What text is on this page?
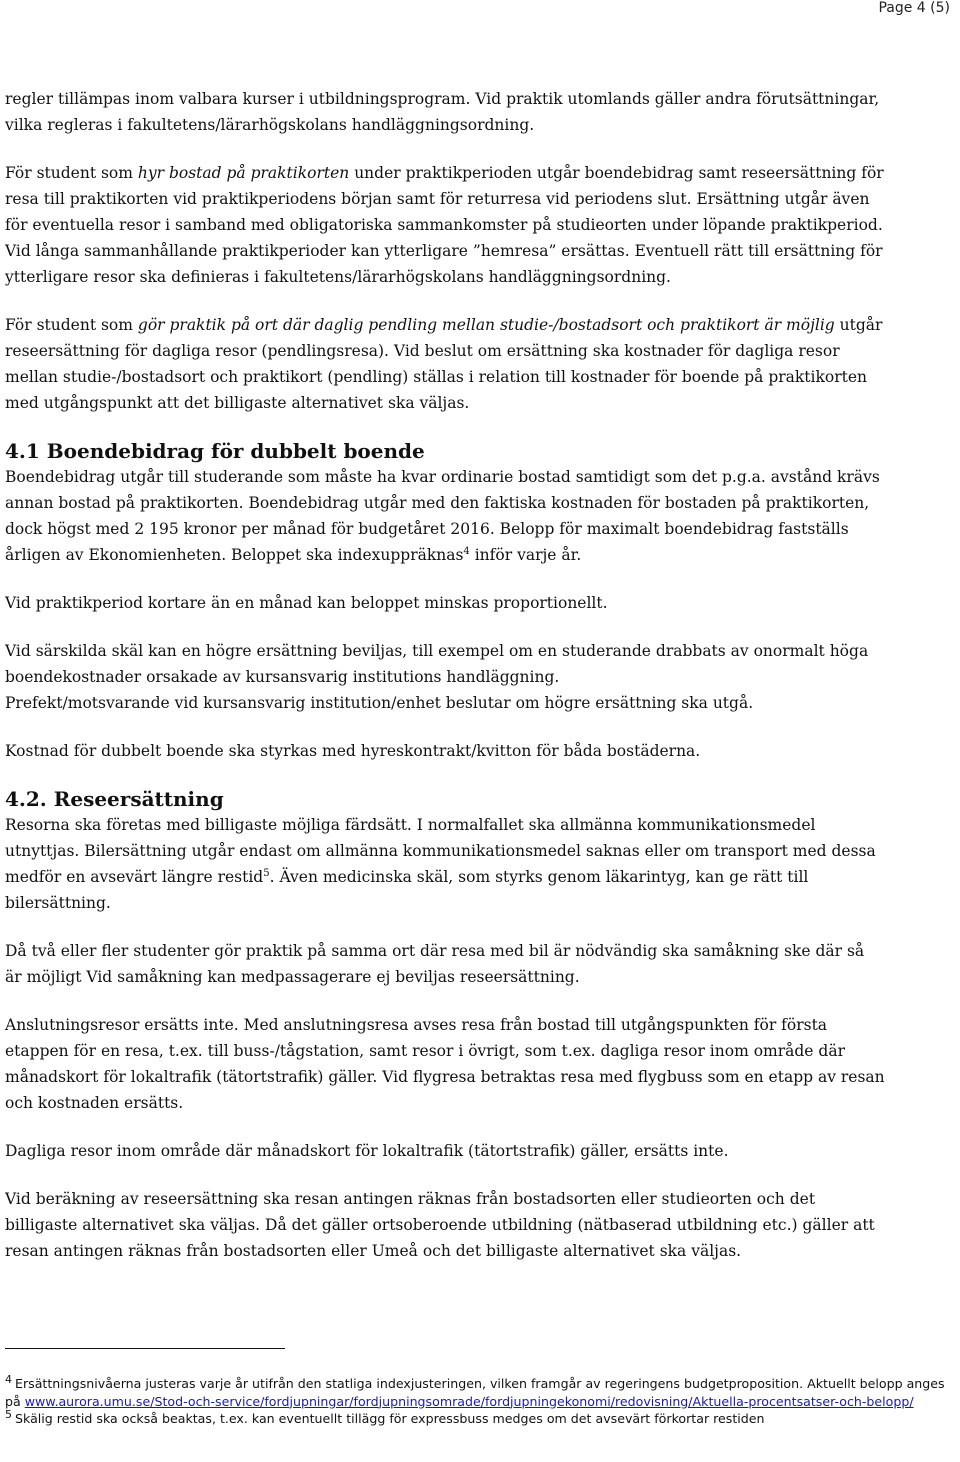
Page 4 (5)

regler tillämpas inom valbara kurser i utbildningsprogram. Vid praktik utomlands gäller andra förutsättningar, vilka regleras i fakultetens/lärarhögskolans handläggningsordning.

För student som hyr bostad på praktikorten under praktikperioden utgår boendebidrag samt reseersättning för resa till praktikorten vid praktikperiodens början samt för returresa vid periodens slut. Ersättning utgår även för eventuella resor i samband med obligatoriska sammankomster på studieorten under löpande praktikperiod. Vid långa sammanhållande praktikperioder kan ytterligare ”hemresa” ersättas. Eventuell rätt till ersättning för ytterligare resor ska definieras i fakultetens/lärarhögskolans handläggningsordning.

För student som gör praktik på ort där daglig pendling mellan studie-/bostadsort och praktikort är möjlig utgår reseersättning för dagliga resor (pendlingsresa). Vid beslut om ersättning ska kostnader för dagliga resor mellan studie-/bostadsort och praktikort (pendling) ställas i relation till kostnader för boende på praktikorten med utgångspunkt att det billigaste alternativet ska väljas.

4.1 Boendebidrag för dubbelt boende

Boendebidrag utgår till studerande som måste ha kvar ordinarie bostad samtidigt som det p.g.a. avstånd krävs annan bostad på praktikorten. Boendebidrag utgår med den faktiska kostnaden för bostaden på praktikorten, dock högst med 2 195 kronor per månad för budgetåret 2016. Belopp för maximalt boendebidrag fastställs årligen av Ekonomienheten. Beloppet ska indexuppräknas$^4$ inför varje år.

Vid praktikperiod kortare än en månad kan beloppet minskas proportionellt.

Vid särskilda skäl kan en högre ersättning beviljas, till exempel om en studerande drabbats av onormalt höga boendekostnader orsakade av kursansvarig institutions handläggning.

Prefekt/motsvarande vid kursansvarig institution/enhet beslutar om högre ersättning ska utgå.

Kostnad för dubbelt boende ska styrkas med hyreskontrakt/kvitton för båda bostäderna.

4.2. Reseersättning

Resorna ska företas med billigaste möjliga färdsätt. I normalfallet ska allmänna kommunikationsmedel utnyttjas. Bilersättning utgår endast om allmänna kommunikationsmedel saknas eller om transport med dessa medför en avsevärt längre restid$^5$. Även medicinska skäl, som styrks genom läkarintyg, kan ge rätt till bilersättning.

Då två eller fler studenter gör praktik på samma ort där resa med bil är nödvändig ska samåkning ske där så är möjligt Vid samåkning kan medpassagerare ej beviljas reseersättning.

Anslutningsresor ersätts inte. Med anslutningsresa avses resa från bostad till utgångspunkten för första etappen för en resa, t.ex. till buss-/tågstation, samt resor i övrigt, som t.ex. dagliga resor inom område där månadskort för lokaltrafik (tätortstrafik) gäller. Vid flygresa betraktas resa med flygbuss som en etapp av resan och kostnaden ersätts.

Dagliga resor inom område där månadskort för lokaltrafik (tätortstrafik) gäller, ersätts inte.

Vid beräkning av reseersättning ska resan antingen räknas från bostadsorten eller studieorten och det billigaste alternativet ska väljas. Då det gäller ortsoberoende utbildning (nätbaserad utbildning etc.) gäller att resan antingen räknas från bostadsorten eller Umeå och det billigaste alternativet ska väljas.

4 Ersättningsnivåerna justeras varje år utifrån den statliga indexjusteringen, vilken framgår av regeringens budgetproposition. Aktuellt belopp anges på www.aurora.umu.se/Stod-och-service/fordjupningar/fordjupningsomrade/fordjupningekonomi/redovisning/Aktuella-procentsatser-och-belopp/

5 Skälig restid ska också beaktas, t.ex. kan eventuellt tillägg för expressbuss medges om det avsevärt förkortar restiden
